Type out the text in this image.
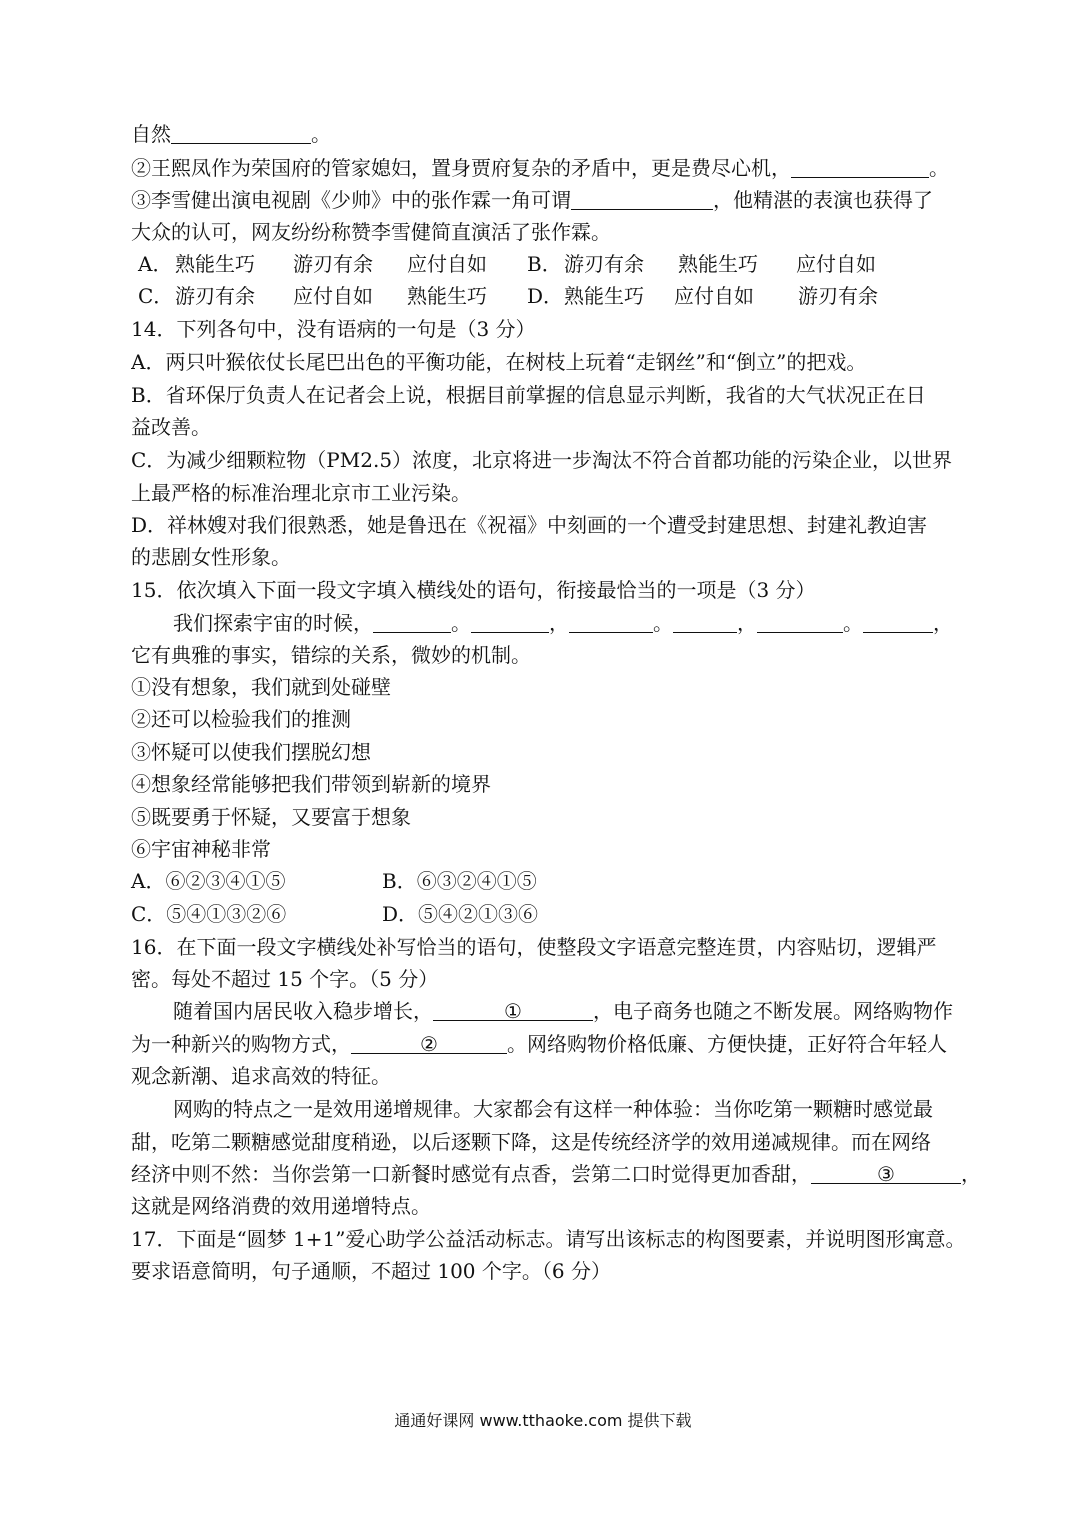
自然	。
②王熙凤作为荣国府的管家媳妇，置身贾府复杂的矛盾中，更是费尽心机，	。
③李雪健出演电视剧《少帅》中的张作霖一角可谓	，他精湛的表演也获得了
大众的认可，网友纷纷称赞李雪健简直演活了张作霖。
A． 熟能生巧 游刃有余 应付自如 B． 游刃有余 熟能生巧 应付自如
C． 游刃有余 应付自如 熟能生巧 D． 熟能生巧 应付自如 游刃有余
14．下列各句中，没有语病的一句是（3 分）
A．两只叶猴依仗长尾巴出色的平衡功能，在树枝上玩着“走钢丝”和“倒立”的把戏。
B．省环保厅负责人在记者会上说，根据目前掌握的信息显示判断，我省的大气状况正在日
益改善。
C．为减少细颗粒物（PM2.5）浓度，北京将进一步淘汰不符合首都功能的污染企业，以世界
上最严格的标准治理北京市工业污染。
D．祥林嫂对我们很熟悉，她是鲁迅在《祝福》中刻画的一个遭受封建思想、封建礼教迫害
的悲剧女性形象。
15．依次填入下面一段文字填入横线处的语句，衔接最恰当的一项是（3 分）
我们探索宇宙的时候，	。	，	。	，	。	，
它有典雅的事实，错综的关系，微妙的机制。
①没有想象，我们就到处碰壁
②还可以检验我们的推测
③怀疑可以使我们摆脱幻想
④想象经常能够把我们带领到崭新的境界
⑤既要勇于怀疑，又要富于想象
⑥宇宙神秘非常
A．⑥②③④①⑤	B．⑥③②④①⑤
C．⑤④①③②⑥	D．⑤④②①③⑥
16．在下面一段文字横线处补写恰当的语句，使整段文字语意完整连贯，内容贴切，逻辑严
密。每处不超过 15 个字。（5 分）
随着国内居民收入稳步增长，	①	，电子商务也随之不断发展。网络购物作
为一种新兴的购物方式，	②	。网络购物价格低廉、方便快捷，正好符合年轻人
观念新潮、追求高效的特征。
网购的特点之一是效用递增规律。大家都会有这样一种体验：当你吃第一颗糖时感觉最
甜，吃第二颗糖感觉甜度稍逊，以后逐颗下降，这是传统经济学的效用递减规律。而在网络
经济中则不然：当你尝第一口新餐时感觉有点香，尝第二口时觉得更加香甜，	③	，
这就是网络消费的效用递增特点。
17．下面是“圆梦 1+1”爱心助学公益活动标志。请写出该标志的构图要素，并说明图形寓意。
要求语意简明，句子通顺，不超过 100 个字。（6 分）
通通好课网 www.tthaoke.com 提供下载
